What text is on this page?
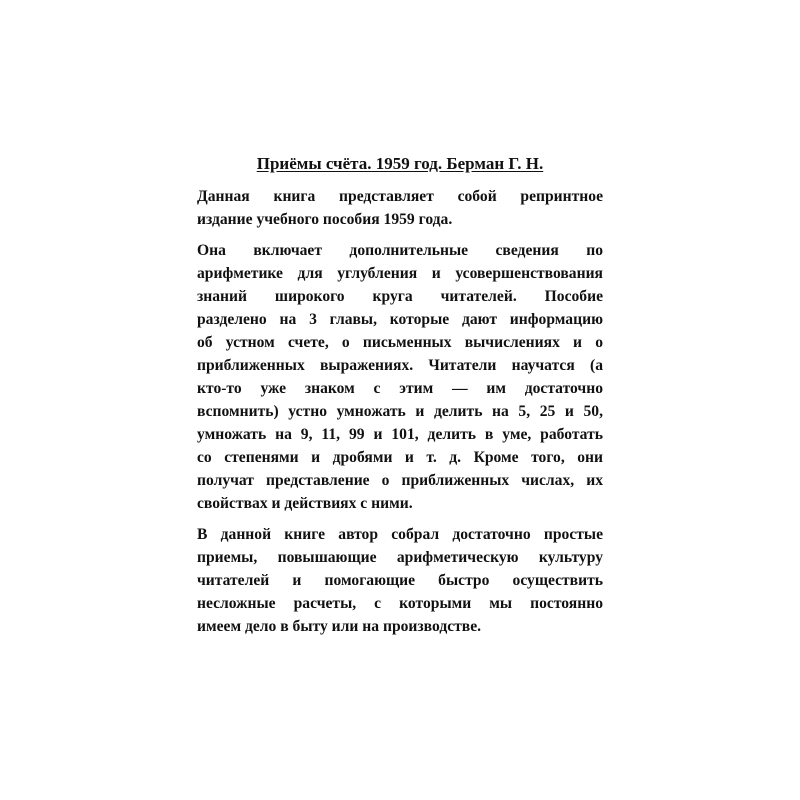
Приёмы счёта. 1959 год. Берман Г. Н.
Данная книга представляет собой репринтное
издание учебного пособия 1959 года.
Она включает дополнительные сведения по
арифметике для углубления и усовершенствования
знаний широкого круга читателей. Пособие
разделено на 3 главы, которые дают информацию
об устном счете, о письменных вычислениях и о
приближенных выражениях. Читатели научатся (а
кто-то уже знаком с этим — им достаточно
вспомнить) устно умножать и делить на 5, 25 и 50,
умножать на 9, 11, 99 и 101, делить в уме, работать
со степенями и дробями и т. д. Кроме того, они
получат представление о приближенных числах, их
свойствах и действиях с ними.
В данной книге автор собрал достаточно простые
приемы, повышающие арифметическую культуру
читателей и помогающие быстро осуществить
несложные расчеты, с которыми мы постоянно
имеем дело в быту или на производстве.
